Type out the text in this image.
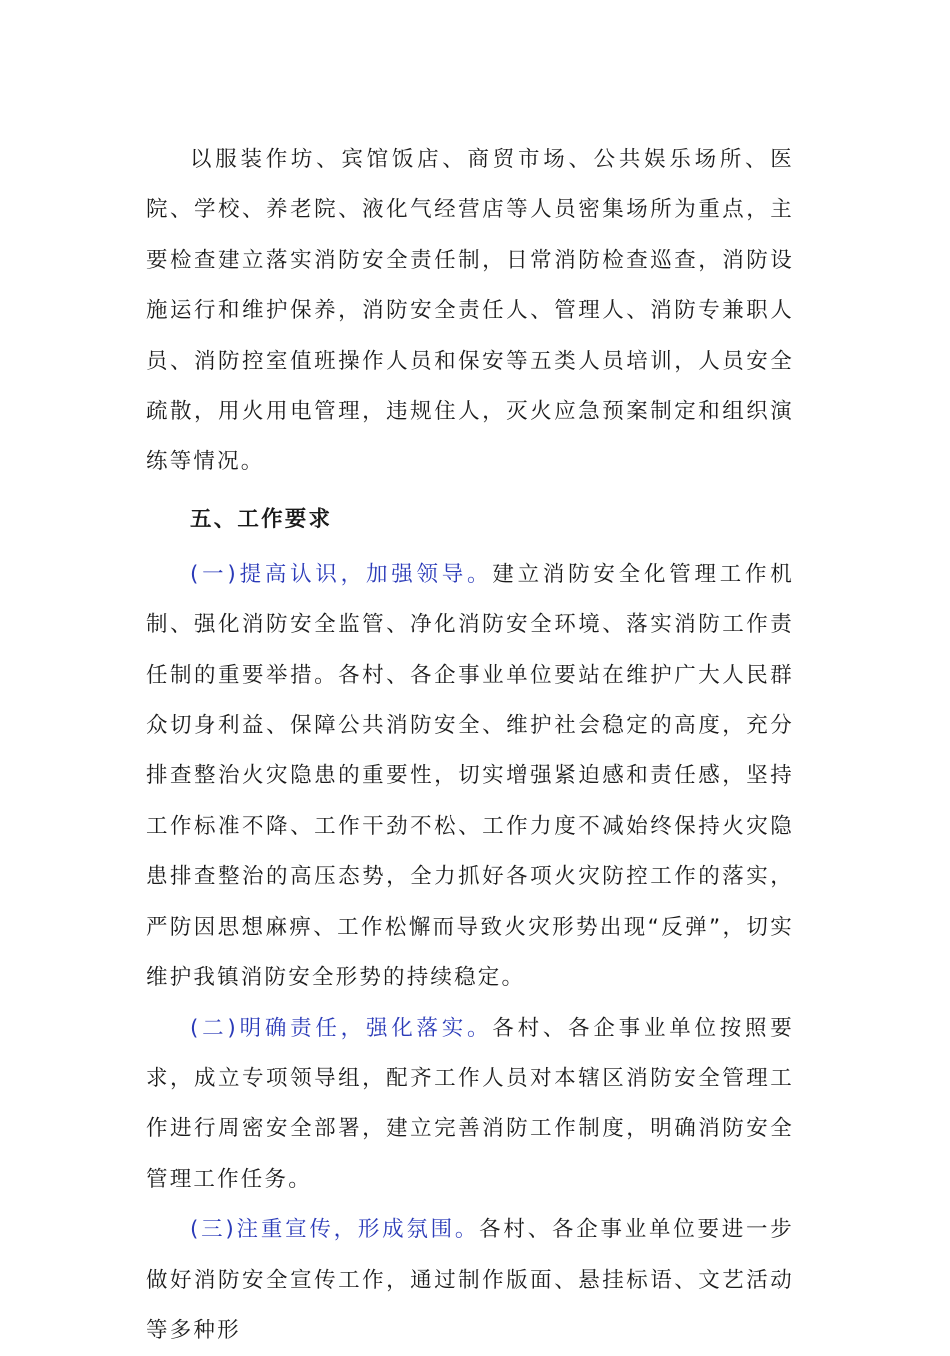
以服装作坊、宾馆饭店、商贸市场、公共娱乐场所、医院、学校、养老院、液化气经营店等人员密集场所为重点，主要检查建立落实消防安全责任制，日常消防检查巡查，消防设施运行和维护保养，消防安全责任人、管理人、消防专兼职人员、消防控室值班操作人员和保安等五类人员培训，人员安全疏散，用火用电管理，违规住人，灭火应急预案制定和组织演练等情况。

五、工作要求

(一)提高认识，加强领导。建立消防安全化管理工作机制、强化消防安全监管、净化消防安全环境、落实消防工作责任制的重要举措。各村、各企事业单位要站在维护广大人民群众切身利益、保障公共消防安全、维护社会稳定的高度，充分排查整治火灾隐患的重要性，切实增强紧迫感和责任感，坚持工作标准不降、工作干劲不松、工作力度不减始终保持火灾隐患排查整治的高压态势，全力抓好各项火灾防控工作的落实，严防因思想麻痹、工作松懈而导致火灾形势出现“反弹”，切实维护我镇消防安全形势的持续稳定。

(二)明确责任，强化落实。各村、各企事业单位按照要求，成立专项领导组，配齐工作人员对本辖区消防安全管理工作进行周密安全部署，建立完善消防工作制度，明确消防安全管理工作任务。

(三)注重宣传，形成氛围。各村、各企事业单位要进一步做好消防安全宣传工作，通过制作版面、悬挂标语、文艺活动等多种形
